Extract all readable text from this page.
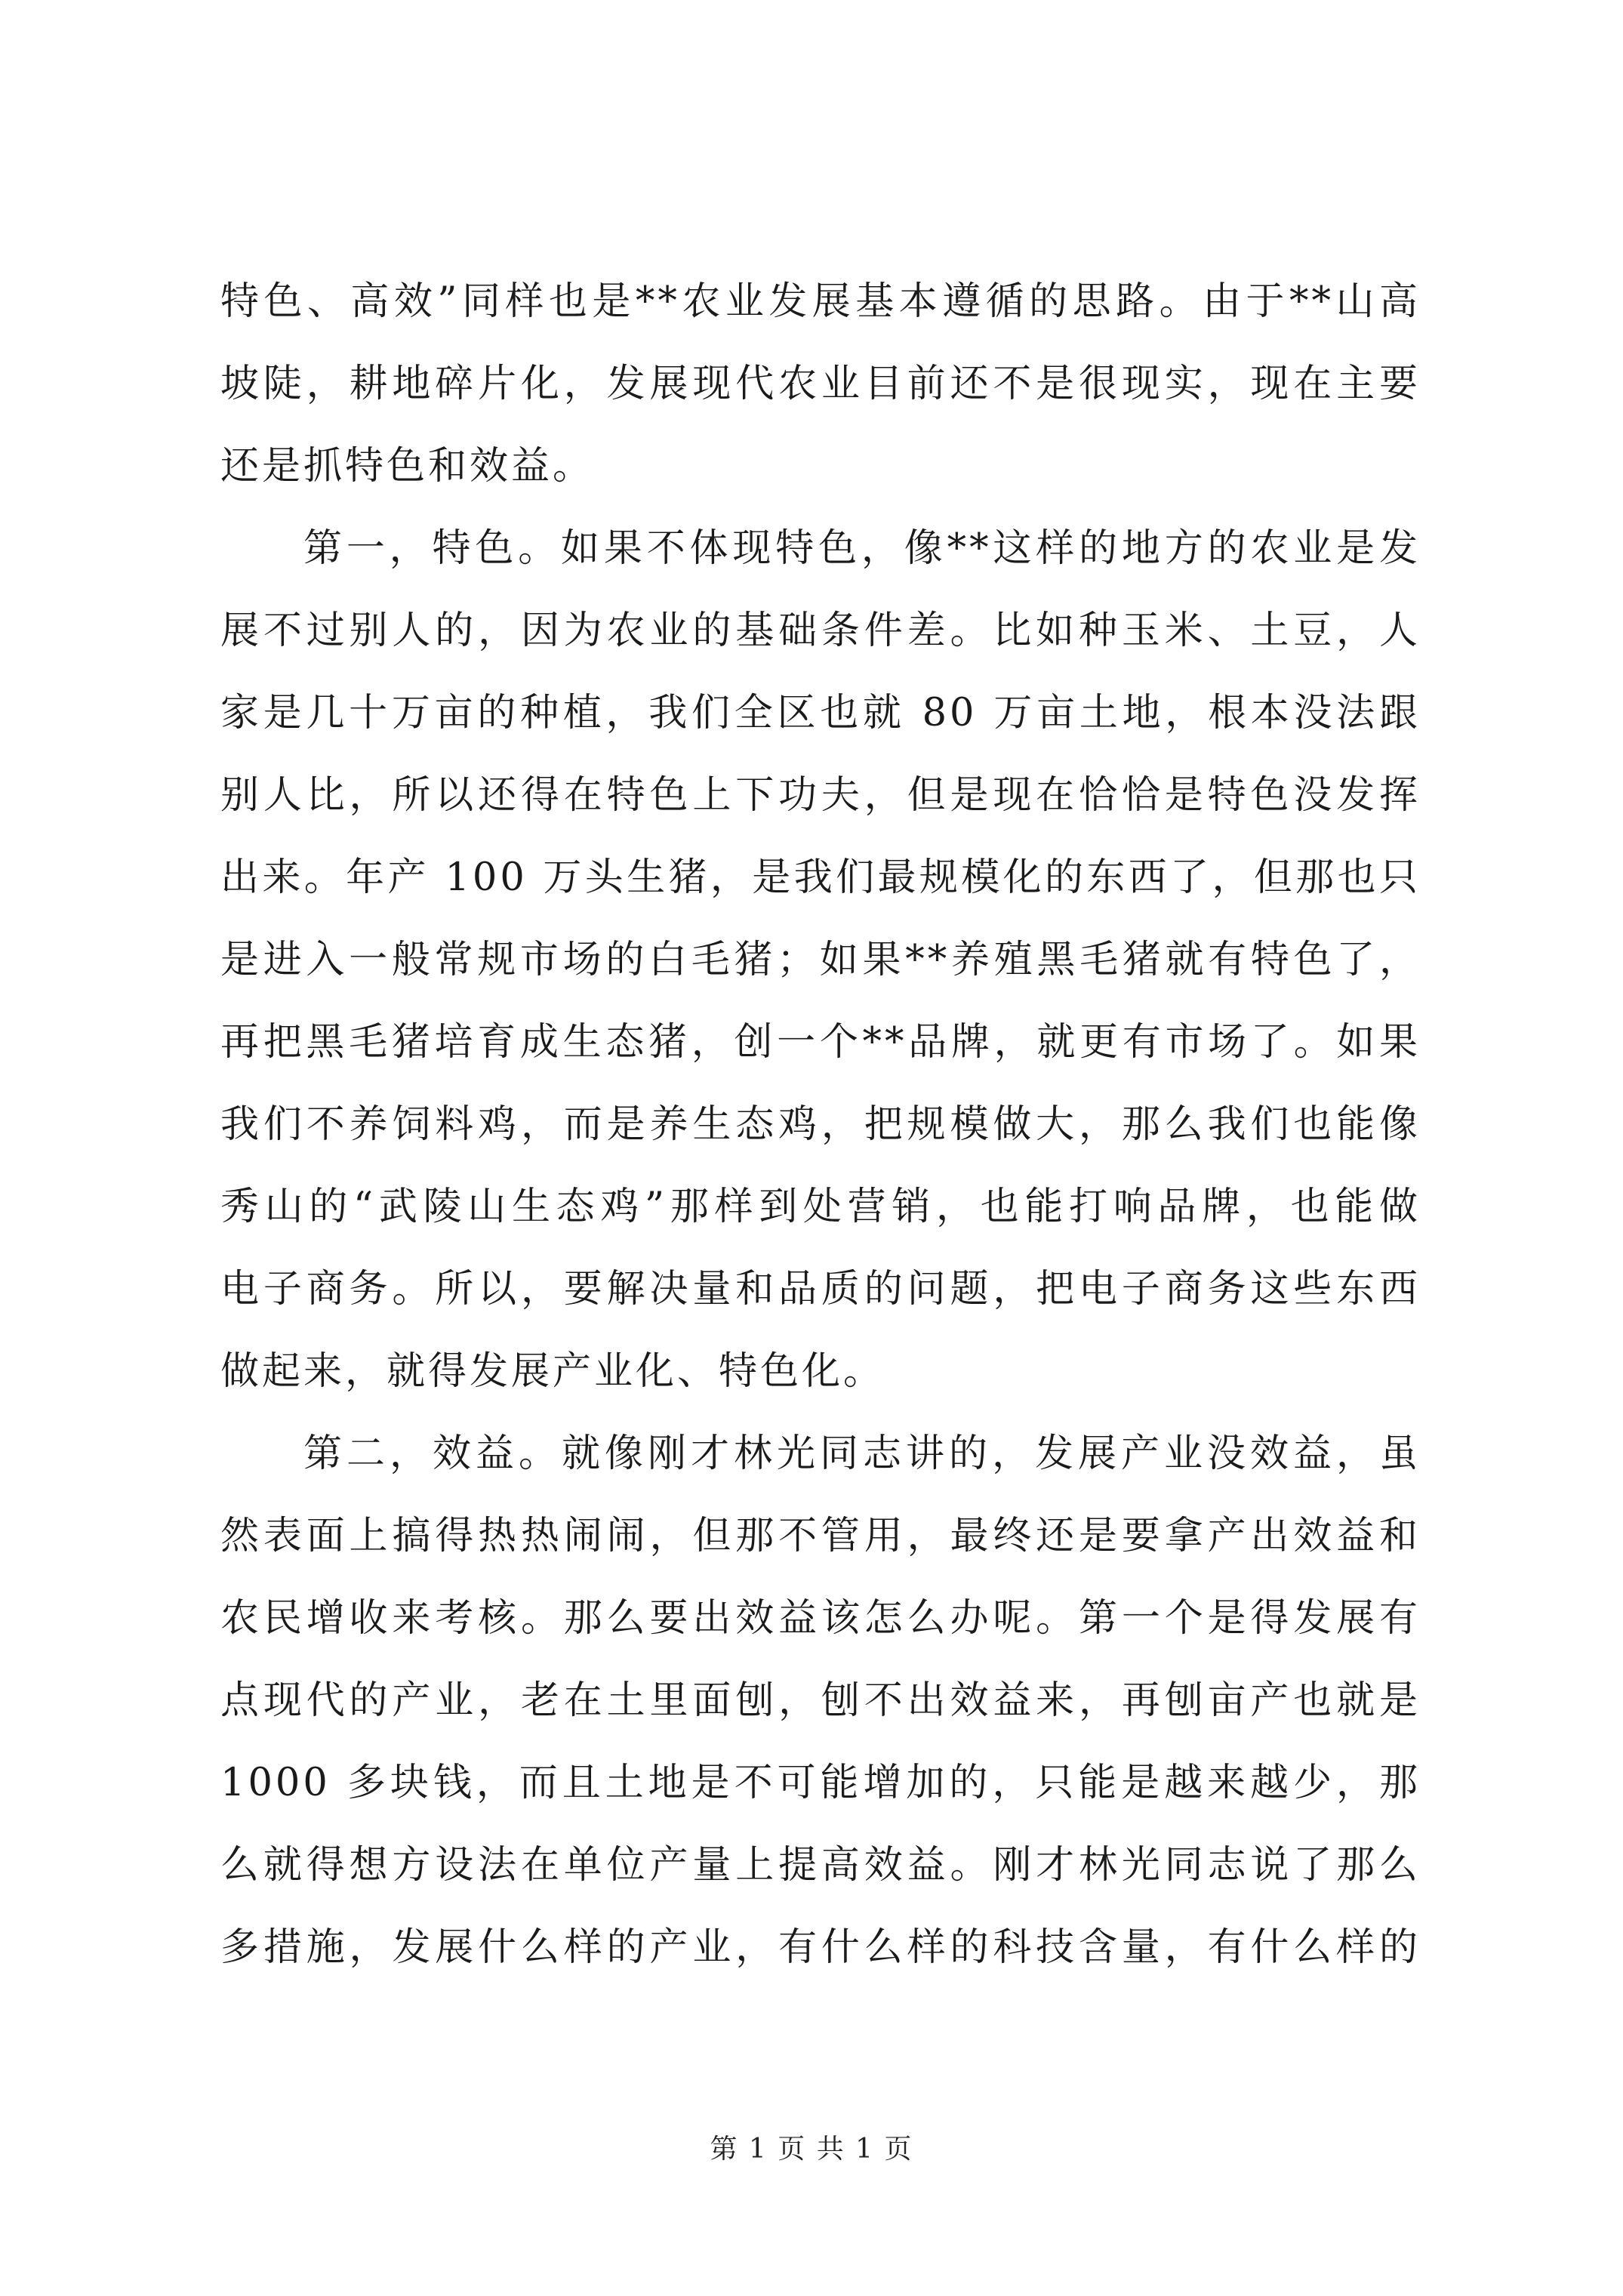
特色、高效”同样也是**农业发展基本遵循的思路。由于**山高
坡陡，耕地碎片化，发展现代农业目前还不是很现实，现在主要
还是抓特色和效益。
第一，特色。如果不体现特色，像**这样的地方的农业是发
展不过别人的，因为农业的基础条件差。比如种玉米、土豆，人
家是几十万亩的种植，我们全区也就 80 万亩土地，根本没法跟
别人比，所以还得在特色上下功夫，但是现在恰恰是特色没发挥
出来。年产 100 万头生猪，是我们最规模化的东西了，但那也只
是进入一般常规市场的白毛猪；如果**养殖黑毛猪就有特色了，
再把黑毛猪培育成生态猪，创一个**品牌，就更有市场了。如果
我们不养饲料鸡，而是养生态鸡，把规模做大，那么我们也能像
秀山的“武陵山生态鸡”那样到处营销，也能打响品牌，也能做
电子商务。所以，要解决量和品质的问题，把电子商务这些东西
做起来，就得发展产业化、特色化。
第二，效益。就像刚才林光同志讲的，发展产业没效益，虽
然表面上搞得热热闹闹，但那不管用，最终还是要拿产出效益和
农民增收来考核。那么要出效益该怎么办呢。第一个是得发展有
点现代的产业，老在土里面刨，刨不出效益来，再刨亩产也就是
1000 多块钱，而且土地是不可能增加的，只能是越来越少，那
么就得想方设法在单位产量上提高效益。刚才林光同志说了那么
多措施，发展什么样的产业，有什么样的科技含量，有什么样的
第 1 页 共 1 页
